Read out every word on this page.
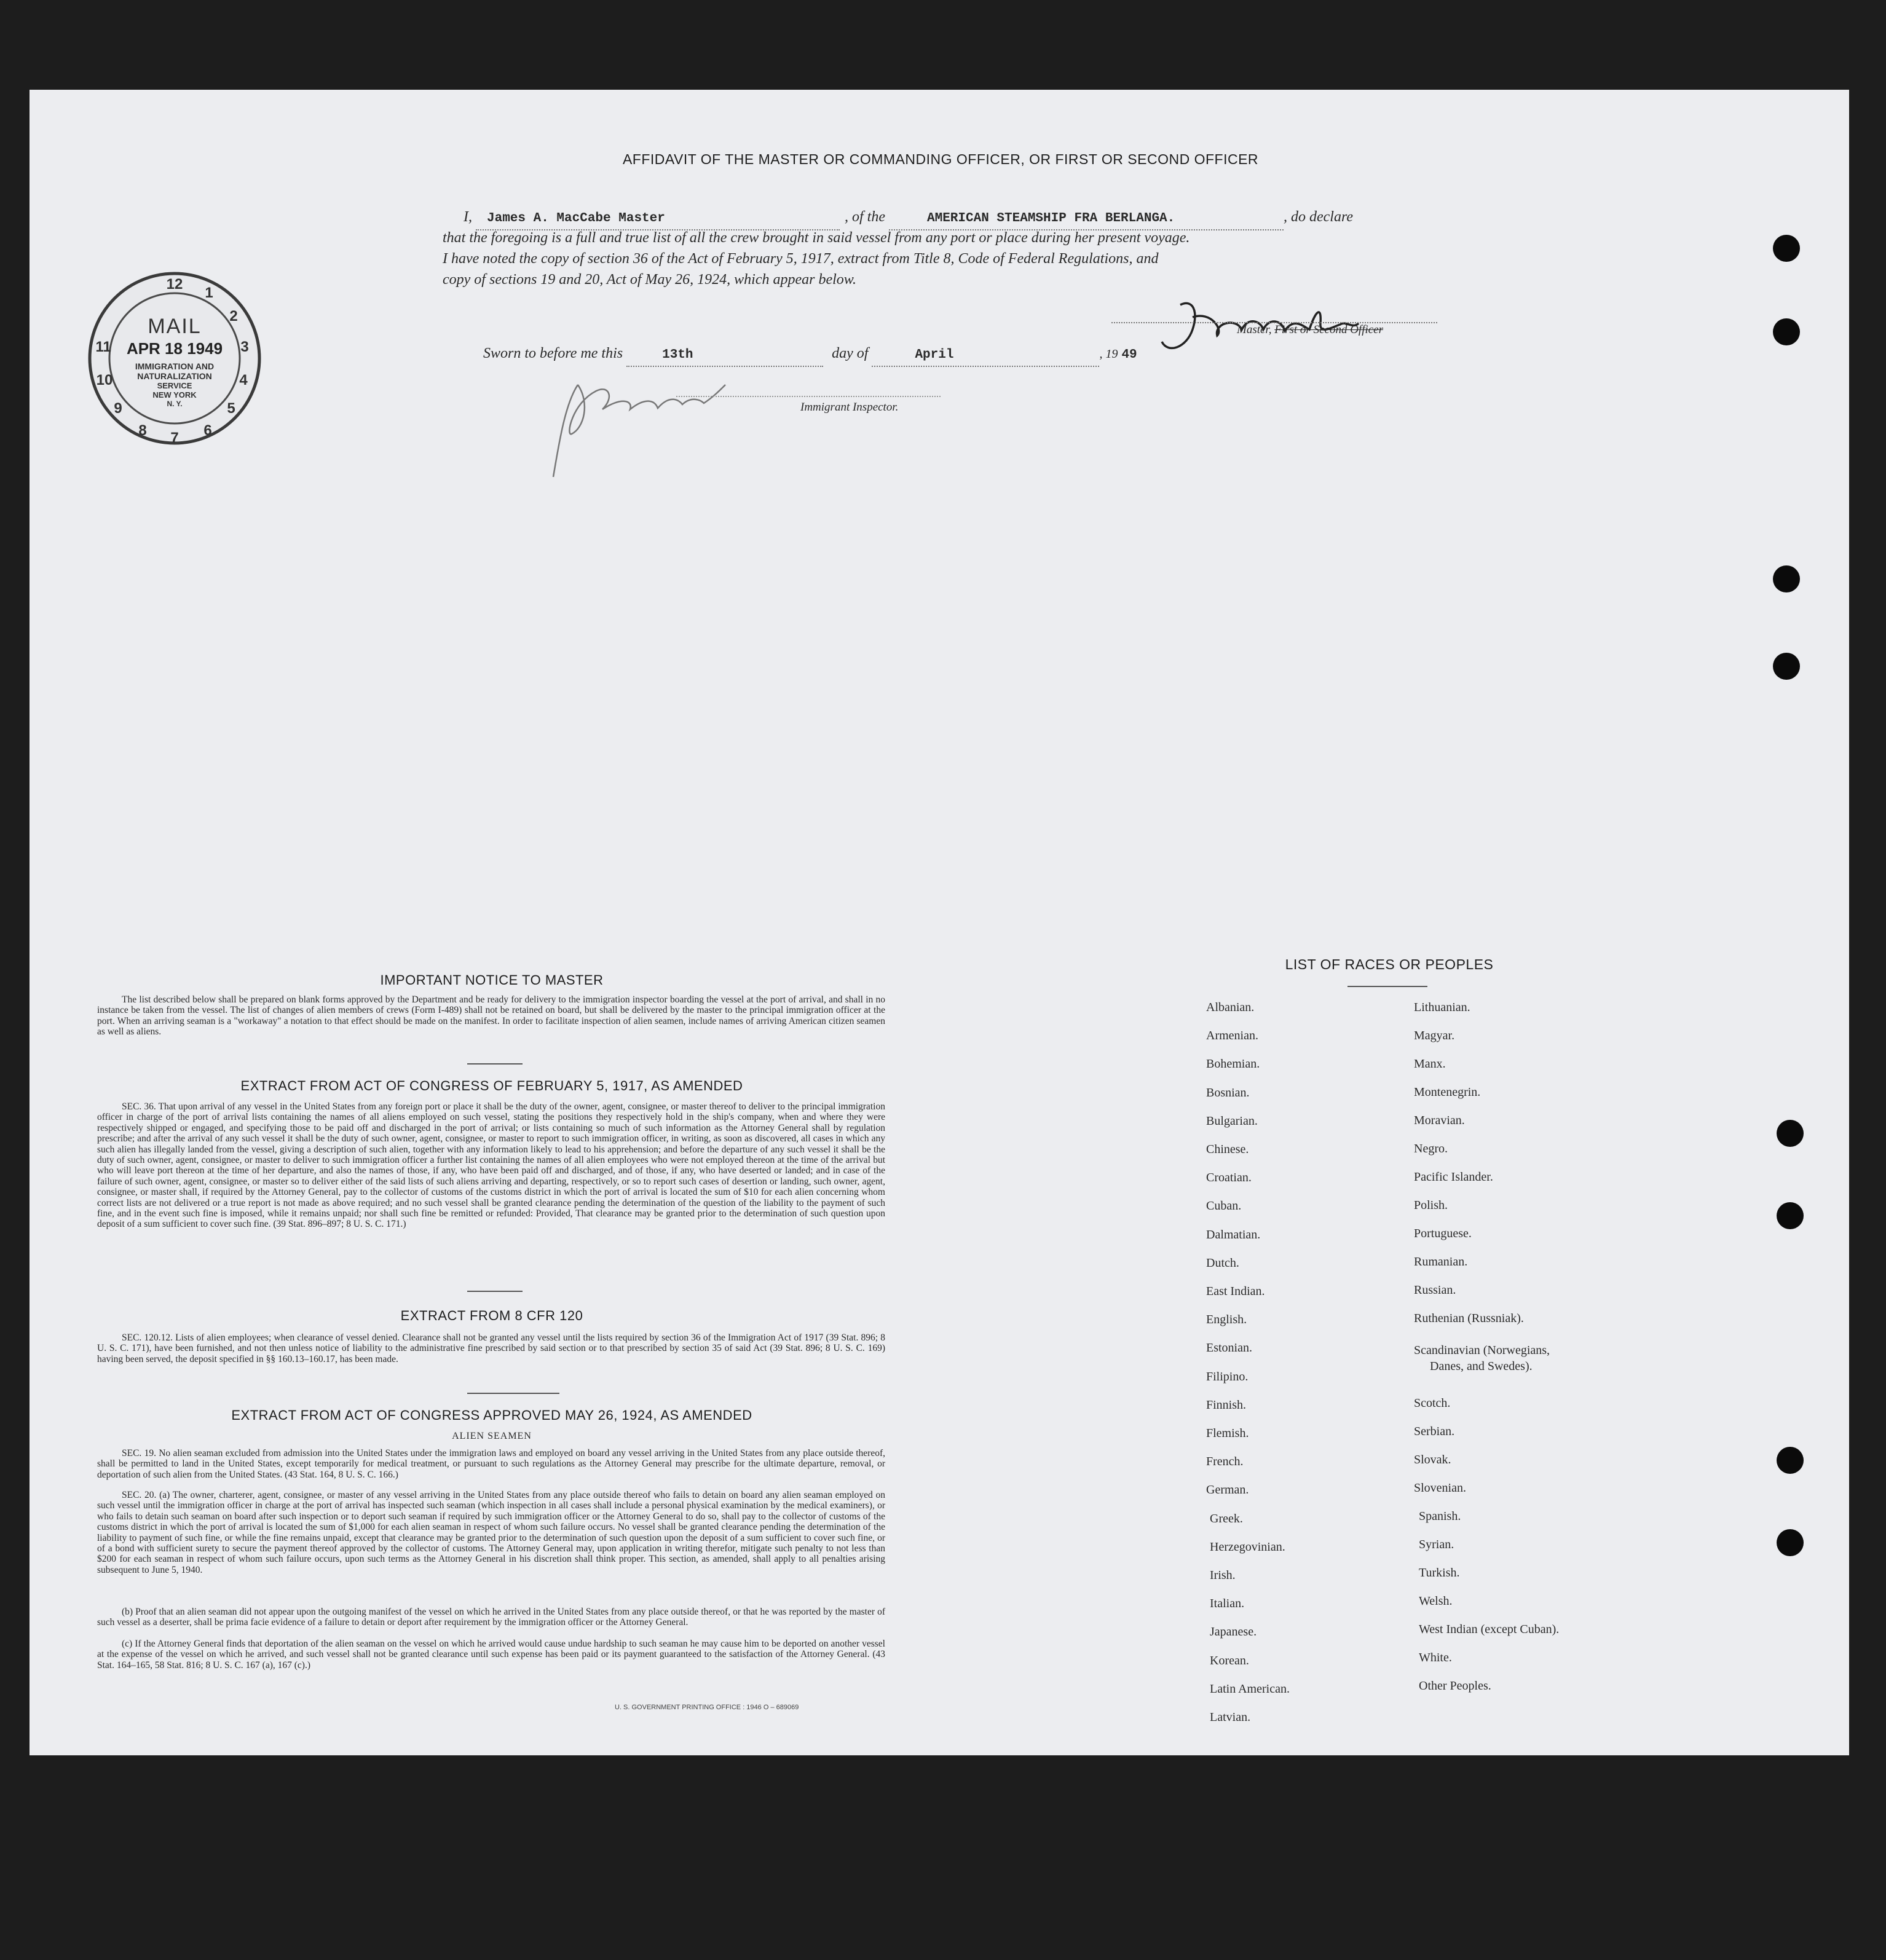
AFFIDAVIT OF THE MASTER OR COMMANDING OFFICER, OR FIRST OR SECOND OFFICER
I, James A. MacCabe Master	, of the	AMERICAN STEAMSHIP FRA BERLANGA.	, do declare
that the foregoing is a full and true list of all the crew brought in said vessel from any port or place during her present voyage.
I have noted the copy of section 36 of the Act of February 5, 1917, extract from Title 8, Code of Federal Regulations, and
copy of sections 19 and 20, Act of May 26, 1924, which appear below.
Master, First or Second Officer
Sworn to before me this	13th	day of	April	, 19 49
Immigrant Inspector.
12
1
2
3
4
5
6
7
8
9
10
11
MAIL
APR 18 1949
IMMIGRATION AND
NATURALIZATION
SERVICE
NEW YORK
N. Y.
IMPORTANT NOTICE TO MASTER
The list described below shall be prepared on blank forms approved by the Department and be ready for delivery to the immigration inspector boarding the vessel at the port of arrival, and shall in no instance be taken from the vessel. The list of changes of alien members of crews (Form I-489) shall not be retained on board, but shall be delivered by the master to the principal immigration officer at the port. When an arriving seaman is a "workaway" a notation to that effect should be made on the manifest. In order to facilitate inspection of alien seamen, include names of arriving American citizen seamen as well as aliens.
EXTRACT FROM ACT OF CONGRESS OF FEBRUARY 5, 1917, AS AMENDED
SEC. 36. That upon arrival of any vessel in the United States from any foreign port or place it shall be the duty of the owner, agent, consignee, or master thereof to deliver to the principal immigration officer in charge of the port of arrival lists containing the names of all aliens employed on such vessel, stating the positions they respectively hold in the ship's company, when and where they were respectively shipped or engaged, and specifying those to be paid off and discharged in the port of arrival; or lists containing so much of such information as the Attorney General shall by regulation prescribe; and after the arrival of any such vessel it shall be the duty of such owner, agent, consignee, or master to report to such immigration officer, in writing, as soon as discovered, all cases in which any such alien has illegally landed from the vessel, giving a description of such alien, together with any information likely to lead to his apprehension; and before the departure of any such vessel it shall be the duty of such owner, agent, consignee, or master to deliver to such immigration officer a further list containing the names of all alien employees who were not employed thereon at the time of the arrival but who will leave port thereon at the time of her departure, and also the names of those, if any, who have been paid off and discharged, and of those, if any, who have deserted or landed; and in case of the failure of such owner, agent, consignee, or master so to deliver either of the said lists of such aliens arriving and departing, respectively, or so to report such cases of desertion or landing, such owner, agent, consignee, or master shall, if required by the Attorney General, pay to the collector of customs of the customs district in which the port of arrival is located the sum of $10 for each alien concerning whom correct lists are not delivered or a true report is not made as above required; and no such vessel shall be granted clearance pending the determination of the question of the liability to the payment of such fine, and in the event such fine is imposed, while it remains unpaid; nor shall such fine be remitted or refunded: Provided, That clearance may be granted prior to the determination of such question upon deposit of a sum sufficient to cover such fine. (39 Stat. 896–897; 8 U. S. C. 171.)
EXTRACT FROM 8 CFR 120
SEC. 120.12. Lists of alien employees; when clearance of vessel denied. Clearance shall not be granted any vessel until the lists required by section 36 of the Immigration Act of 1917 (39 Stat. 896; 8 U. S. C. 171), have been furnished, and not then unless notice of liability to the administrative fine prescribed by said section or to that prescribed by section 35 of said Act (39 Stat. 896; 8 U. S. C. 169) having been served, the deposit specified in §§ 160.13–160.17, has been made.
EXTRACT FROM ACT OF CONGRESS APPROVED MAY 26, 1924, AS AMENDED
ALIEN SEAMEN
SEC. 19. No alien seaman excluded from admission into the United States under the immigration laws and employed on board any vessel arriving in the United States from any place outside thereof, shall be permitted to land in the United States, except temporarily for medical treatment, or pursuant to such regulations as the Attorney General may prescribe for the ultimate departure, removal, or deportation of such alien from the United States. (43 Stat. 164, 8 U. S. C. 166.)
SEC. 20. (a) The owner, charterer, agent, consignee, or master of any vessel arriving in the United States from any place outside thereof who fails to detain on board any alien seaman employed on such vessel until the immigration officer in charge at the port of arrival has inspected such seaman (which inspection in all cases shall include a personal physical examination by the medical examiners), or who fails to detain such seaman on board after such inspection or to deport such seaman if required by such immigration officer or the Attorney General to do so, shall pay to the collector of customs of the customs district in which the port of arrival is located the sum of $1,000 for each alien seaman in respect of whom such failure occurs. No vessel shall be granted clearance pending the determination of the liability to payment of such fine, or while the fine remains unpaid, except that clearance may be granted prior to the determination of such question upon the deposit of a sum sufficient to cover such fine, or of a bond with sufficient surety to secure the payment thereof approved by the collector of customs. The Attorney General may, upon application in writing therefor, mitigate such penalty to not less than $200 for each seaman in respect of whom such failure occurs, upon such terms as the Attorney General in his discretion shall think proper. This section, as amended, shall apply to all penalties arising subsequent to June 5, 1940.
(b) Proof that an alien seaman did not appear upon the outgoing manifest of the vessel on which he arrived in the United States from any place outside thereof, or that he was reported by the master of such vessel as a deserter, shall be prima facie evidence of a failure to detain or deport after requirement by the immigration officer or the Attorney General.
(c) If the Attorney General finds that deportation of the alien seaman on the vessel on which he arrived would cause undue hardship to such seaman he may cause him to be deported on another vessel at the expense of the vessel on which he arrived, and such vessel shall not be granted clearance until such expense has been paid or its payment guaranteed to the satisfaction of the Attorney General. (43 Stat. 164–165, 58 Stat. 816; 8 U. S. C. 167 (a), 167 (c).)
U. S. GOVERNMENT PRINTING OFFICE : 1946 O – 689069
LIST OF RACES OR PEOPLES
Albanian.
Armenian.
Bohemian.
Bosnian.
Bulgarian.
Chinese.
Croatian.
Cuban.
Dalmatian.
Dutch.
East Indian.
English.
Estonian.
Filipino.
Finnish.
Flemish.
French.
German.
Greek.
Herzegovinian.
Irish.
Italian.
Japanese.
Korean.
Latin American.
Latvian.
Lithuanian.
Magyar.
Manx.
Montenegrin.
Moravian.
Negro.
Pacific Islander.
Polish.
Portuguese.
Rumanian.
Russian.
Ruthenian (Russniak).
Scandinavian (Norwegians,
Danes, and Swedes).
Scotch.
Serbian.
Slovak.
Slovenian.
Spanish.
Syrian.
Turkish.
Welsh.
West Indian (except Cuban).
White.
Other Peoples.
